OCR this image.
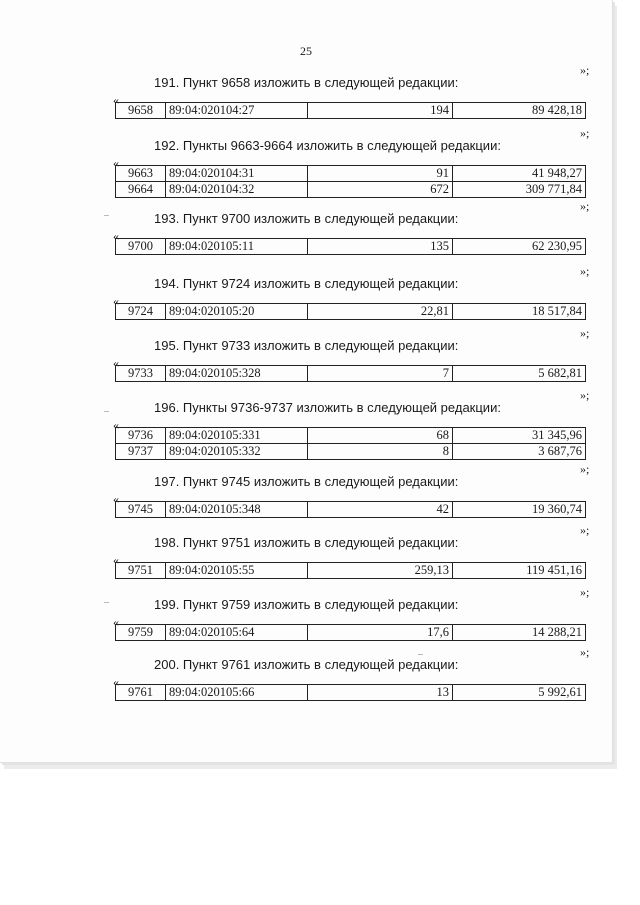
25
»;
191. Пункт 9658 изложить в следующей редакции:
«
9658	89:04:020104:27	194	89 428,18
»;
192. Пункты 9663-9664 изложить в следующей редакции:
«
9663	89:04:020104:31	91	41 948,27
9664	89:04:020104:32	672	309 771,84
»;
193. Пункт 9700 изложить в следующей редакции:
«
9700	89:04:020105:11	135	62 230,95
»;
194. Пункт 9724 изложить в следующей редакции:
«
9724	89:04:020105:20	22,81	18 517,84
»;
195. Пункт 9733 изложить в следующей редакции:
«
9733	89:04:020105:328	7	5 682,81
»;
196. Пункты 9736-9737 изложить в следующей редакции:
«
9736	89:04:020105:331	68	31 345,96
9737	89:04:020105:332	8	3 687,76
»;
197. Пункт 9745 изложить в следующей редакции:
«
9745	89:04:020105:348	42	19 360,74
»;
198. Пункт 9751 изложить в следующей редакции:
«
9751	89:04:020105:55	259,13	119 451,16
»;
199. Пункт 9759 изложить в следующей редакции:
«
9759	89:04:020105:64	17,6	14 288,21
»;
200. Пункт 9761 изложить в следующей редакции:
«
9761	89:04:020105:66	13	5 992,61
